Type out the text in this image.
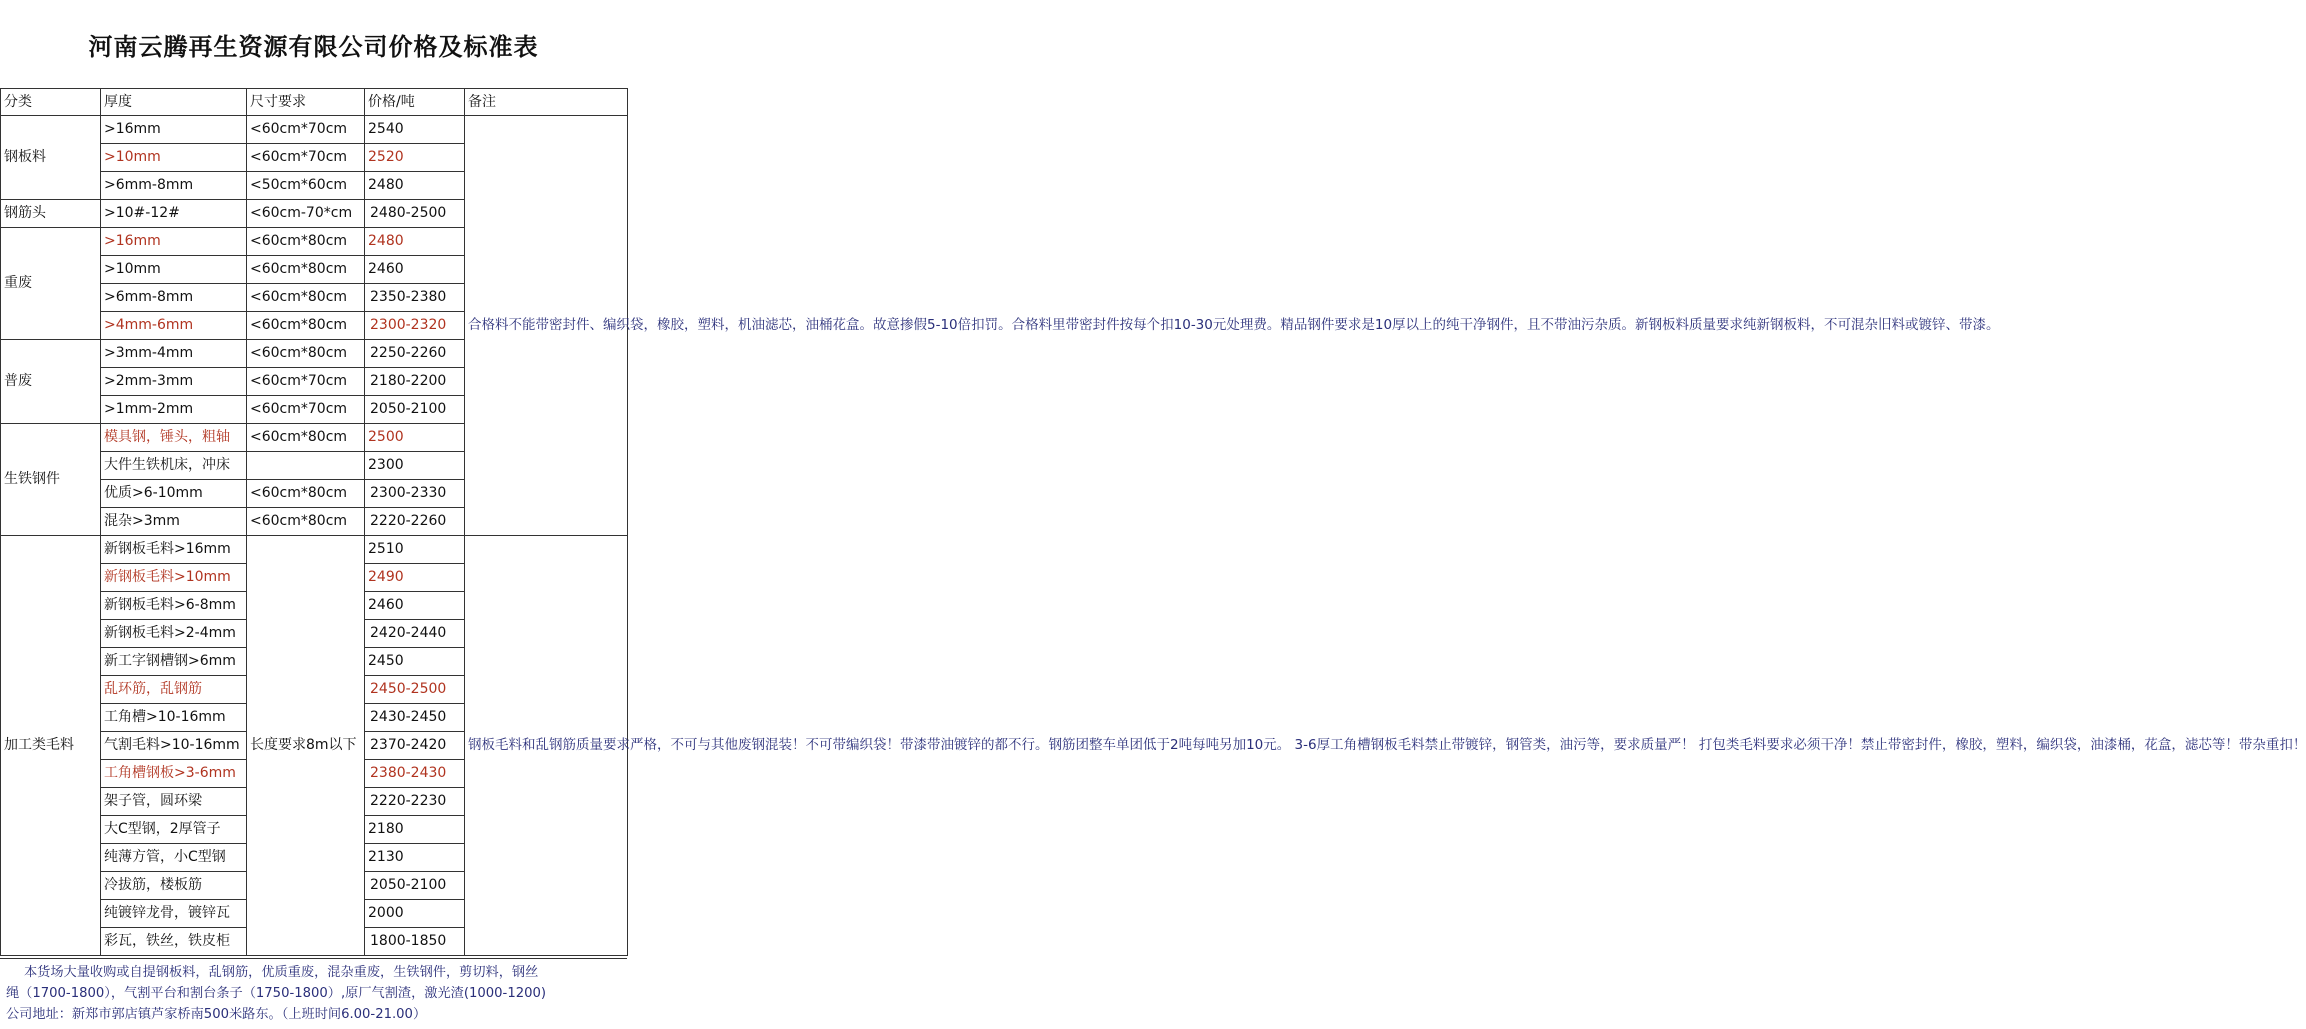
河南云腾再生资源有限公司价格及标准表
分类	厚度	尺寸要求	价格/吨	备注
钢板料	>16mm	<60cm*70cm	2540	合格料不能带密封件、编织袋，橡胶，塑料，机油滤芯，油桶花盒。故意掺假5-10倍扣罚。合格料里带密封件按每个扣10-30元处理费。精品钢件要求是10厚以上的纯干净钢件，且不带油污杂质。新钢板料质量要求纯新钢板料，不可混杂旧料或镀锌、带漆。
	>10mm	<60cm*70cm	2520	
	>6mm-8mm	<50cm*60cm	2480	
钢筋头	>10#-12#	<60cm-70*cm	2480-2500	
重废	>16mm	<60cm*80cm	2480	
	>10mm	<60cm*80cm	2460	
	>6mm-8mm	<60cm*80cm	2350-2380	
	>4mm-6mm	<60cm*80cm	2300-2320	
普废	>3mm-4mm	<60cm*80cm	2250-2260	
	>2mm-3mm	<60cm*70cm	2180-2200	
	>1mm-2mm	<60cm*70cm	2050-2100	
生铁钢件	模具钢，锤头，粗轴	<60cm*80cm	2500	
	大件生铁机床，冲床		2300	
	优质>6-10mm	<60cm*80cm	2300-2330	
	混杂>3mm	<60cm*80cm	2220-2260	
加工类毛料	新钢板毛料>16mm	长度要求8m以下	2510	钢板毛料和乱钢筋质量要求严格，不可与其他废钢混装！不可带编织袋！带漆带油镀锌的都不行。钢筋团整车单团低于2吨每吨另加10元。 3-6厚工角槽钢板毛料禁止带镀锌，钢管类，油污等，要求质量严！ 打包类毛料要求必须干净！禁止带密封件，橡胶，塑料，编织袋，油漆桶，花盒，滤芯等！带杂重扣！
	新钢板毛料>10mm		2490	
	新钢板毛料>6-8mm		2460	
	新钢板毛料>2-4mm		2420-2440	
	新工字钢槽钢>6mm		2450	
	乱环筋，乱钢筋		2450-2500	
	工角槽>10-16mm		2430-2450	
	气割毛料>10-16mm		2370-2420	
	工角槽钢板>3-6mm		2380-2430	
	架子管，圆环梁		2220-2230	
	大C型钢，2厚管子		2180	
	纯薄方管，小C型钢		2130	
	冷拔筋，楼板筋		2050-2100	
	纯镀锌龙骨，镀锌瓦		2000	
	彩瓦，铁丝，铁皮柜		1800-1850	

本货场大量收购或自提钢板料，乱钢筋，优质重废，混杂重废，生铁钢件，剪切料，钢丝

绳（1700-1800），气割平台和割台条子（1750-1800）,原厂气割渣，激光渣(1000-1200)

公司地址：新郑市郭店镇芦家桥南500米路东。（上班时间6.00-21.00）
